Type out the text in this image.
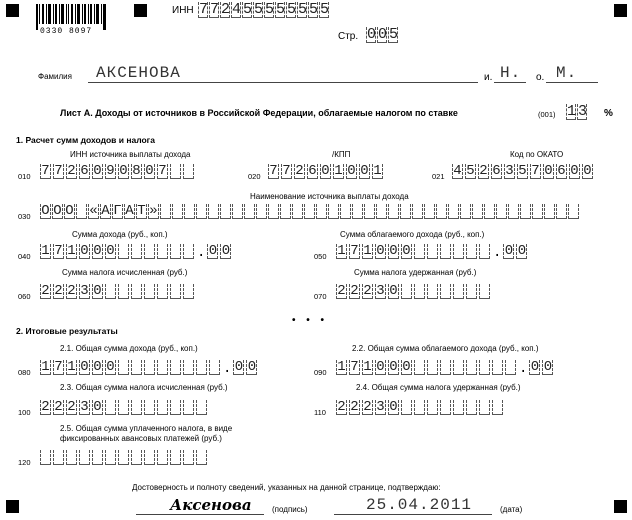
0330 8097
ИНН 7 7 2 4 5 5 5 5 5 5 5 5
Стр. 0 0 5
Фамилия АКСЕНОВА	и. Н. о. М.
Лист А. Доходы от источников в Российской Федерации, облагаемые налогом по ставке	(001) 1 3 %
1. Расчет сумм доходов и налога
ИНН источника выплаты дохода	/КПП	Код по ОКАТО
010 7 7 2 6 0 9 0 8 0 7	020 7 7 2 6 0 1 0 0 1	021 4 5 2 6 3 5 7 0 6 0 0
Наименование источника выплаты дохода
030 О О О « А Г А Т »
Сумма дохода (руб., коп.)
040 1 7 1 0 0 0	. 0 0
Сумма облагаемого дохода (руб., коп.)
050 1 7 1 0 0 0	. 0 0
Сумма налога исчисленная (руб.)
060 2 2 2 3 0
Сумма налога удержанная (руб.)
070 2 2 2 3 0
• • •
2. Итоговые результаты
2.1. Общая сумма дохода (руб., коп.)
080 1 7 1 0 0 0	. 0 0
2.2. Общая сумма облагаемого дохода (руб., коп.)
090 1 7 1 0 0 0	. 0 0
2.3. Общая сумма налога исчисленная (руб.)
100 2 2 2 3 0
2.4. Общая сумма налога удержанная (руб.)
110 2 2 2 3 0
2.5. Общая сумма уплаченного налога, в виде
фиксированных авансовых платежей (руб.)
120
Достоверность и полноту сведений, указанных на данной странице, подтверждаю:
Аксенова	(подпись)	25.04.2011	(дата)
